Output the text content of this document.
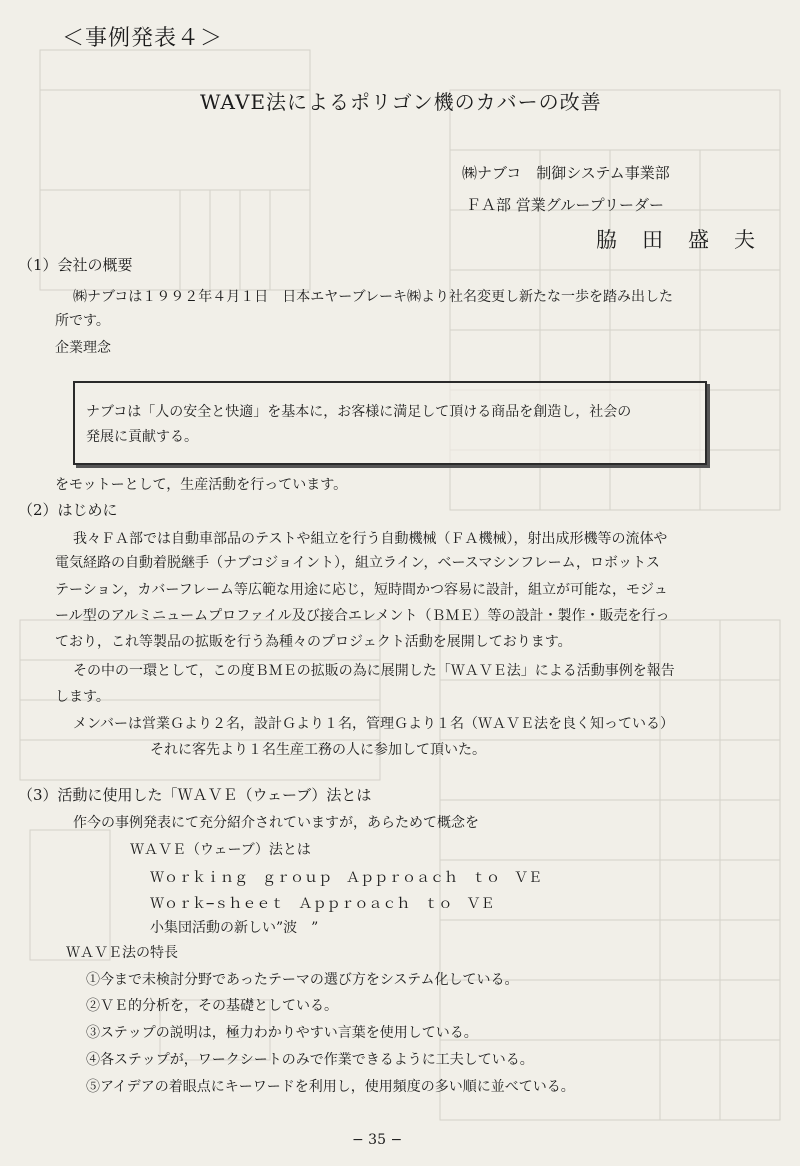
＜事例発表４＞
WAVE法によるポリゴン機のカバーの改善
㈱ナブコ　制御システム事業部
ＦＡ部 営業グループリーダー
脇　田　盛　夫
（1）会社の概要
㈱ナブコは１９９２年４月１日　日本エヤーブレーキ㈱より社名変更し新たな一歩を踏み出した
所です。
企業理念
ナブコは「人の安全と快適」を基本に，お客様に満足して頂ける商品を創造し，社会の
発展に貢献する。
をモットーとして，生産活動を行っています。
（2）はじめに
我々ＦＡ部では自動車部品のテストや組立を行う自動機械（ＦＡ機械），射出成形機等の流体や
電気経路の自動着脱継手（ナブコジョイント），組立ライン，ベースマシンフレーム，ロボットス
テーション，カバーフレーム等広範な用途に応じ，短時間かつ容易に設計，組立が可能な，モジュ
ール型のアルミニュームプロファイル及び接合エレメント（ＢＭＥ）等の設計・製作・販売を行っ
ており，これ等製品の拡販を行う為種々のプロジェクト活動を展開しております。
その中の一環として，この度ＢＭＥの拡販の為に展開した「ＷＡＶＥ法」による活動事例を報告
します。
メンバーは営業Ｇより２名，設計Ｇより１名，管理Ｇより１名（ＷＡＶＥ法を良く知っている）
それに客先より１名生産工務の人に参加して頂いた。
（3）活動に使用した「ＷＡＶＥ（ウェーブ）法とは
作今の事例発表にて充分紹介されていますが，あらためて概念を
ＷＡＶＥ（ウェーブ）法とは
Ｗｏｒｋｉｎｇ　ｇｒｏｕｐ　Ａｐｐｒｏａｃｈ　ｔｏ　ＶＥ
Ｗｏｒｋ−ｓｈｅｅｔ　Ａｐｐｒｏａｃｈ　ｔｏ　ＶＥ
小集団活動の新しい”波　”
ＷＡＶＥ法の特長
①今まで未検討分野であったテーマの選び方をシステム化している。
②ＶＥ的分析を，その基礎としている。
③ステップの説明は，極力わかりやすい言葉を使用している。
④各ステップが，ワークシートのみで作業できるように工夫している。
⑤アイデアの着眼点にキーワードを利用し，使用頻度の多い順に並べている。
− 35 −
